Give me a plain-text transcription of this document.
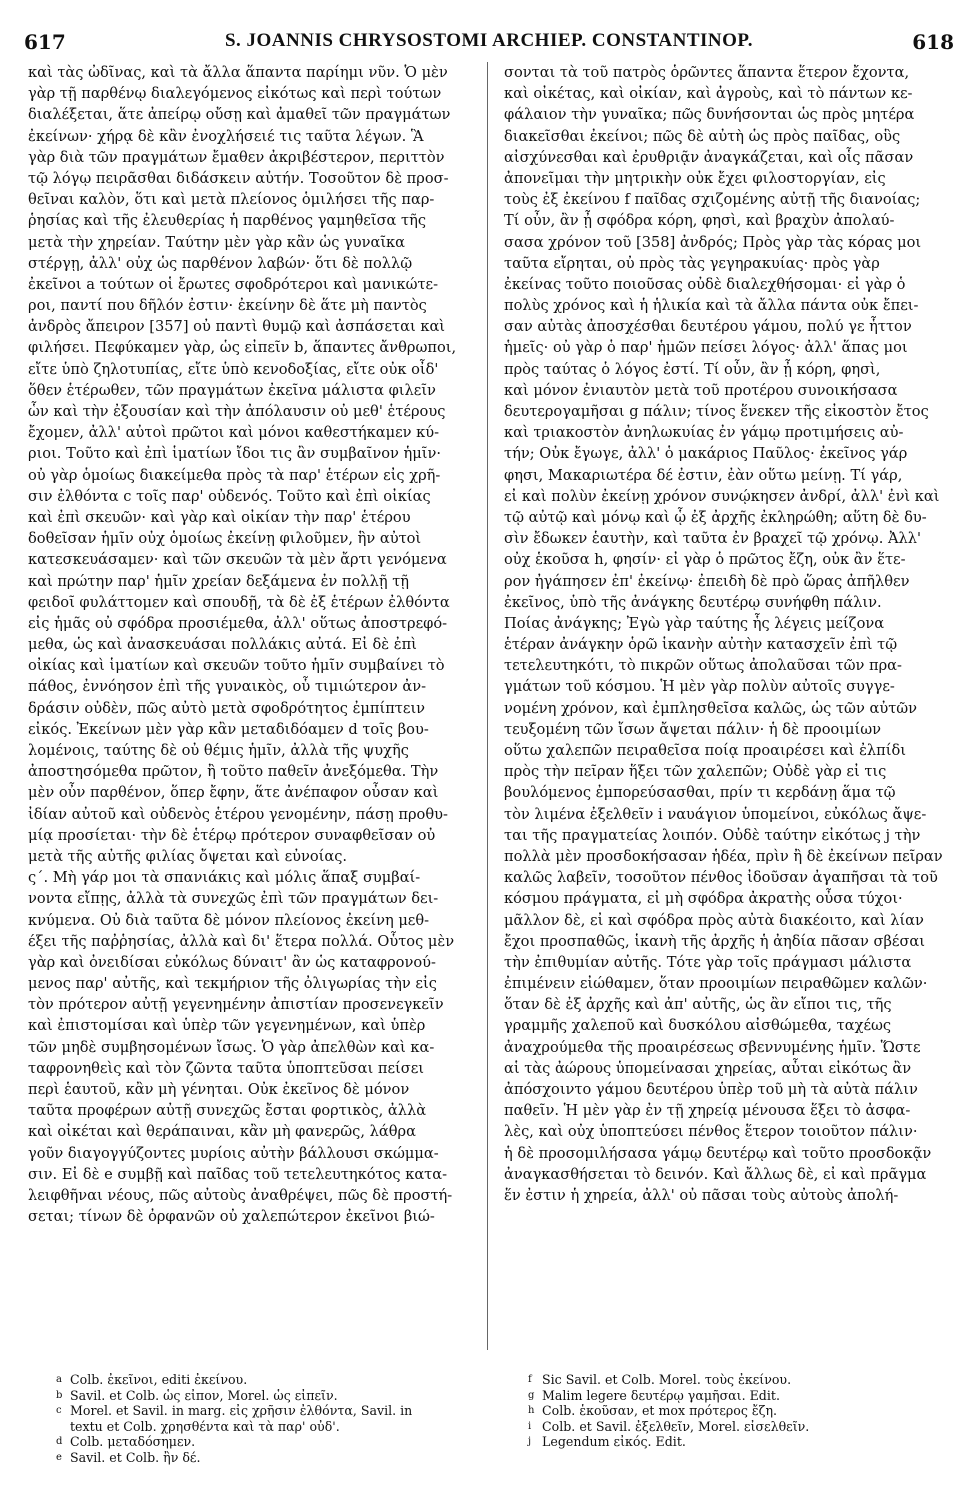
617	S. JOANNIS CHRYSOSTOMI ARCHIEP. CONSTANTINOP.	618
καὶ τὰς ὠδῖνας, καὶ τὰ ἄλλα ἅπαντα παρίημι νῦν. Ὁ μὲν
γὰρ τῇ παρθένῳ διαλεγόμενος εἰκότως καὶ περὶ τούτων
διαλέξεται, ἅτε ἀπείρῳ οὔσῃ καὶ ἀμαθεῖ τῶν πραγμάτων
ἐκείνων· χήρᾳ δὲ κἂν ἐνοχλήσειέ τις ταῦτα λέγων. Ἃ
γὰρ διὰ τῶν πραγμάτων ἔμαθεν ἀκριβέστερον, περιττὸν
τῷ λόγῳ πειρᾶσθαι διδάσκειν αὐτήν. Τοσοῦτον δὲ προσ-
θεῖναι καλὸν, ὅτι καὶ μετὰ πλείονος ὁμιλήσει τῆς παρ-
ῥησίας καὶ τῆς ἐλευθερίας ἡ παρθένος γαμηθεῖσα τῆς
μετὰ τὴν χηρείαν. Ταύτην μὲν γὰρ κἂν ὡς γυναῖκα
στέργῃ, ἀλλ' οὐχ ὡς παρθένον λαβών· ὅτι δὲ πολλῷ
ἐκεῖνοι a τούτων οἱ ἔρωτες σφοδρότεροι καὶ μανικώτε-
ροι, παντί που δῆλόν ἐστιν· ἐκείνην δὲ ἅτε μὴ παντὸς
ἀνδρὸς ἄπειρον [357] οὐ παντὶ θυμῷ καὶ ἀσπάσεται καὶ
φιλήσει. Πεφύκαμεν γὰρ, ὡς εἰπεῖν b, ἅπαντες ἄνθρωποι,
εἴτε ὑπὸ ζηλοτυπίας, εἴτε ὑπὸ κενοδοξίας, εἴτε οὐκ οἶδ'
ὅθεν ἑτέρωθεν, τῶν πραγμάτων ἐκεῖνα μάλιστα φιλεῖν
ὧν καὶ τὴν ἐξουσίαν καὶ τὴν ἀπόλαυσιν οὐ μεθ' ἑτέρους
ἔχομεν, ἀλλ' αὐτοὶ πρῶτοι καὶ μόνοι καθεστήκαμεν κύ-
ριοι. Τοῦτο καὶ ἐπὶ ἱματίων ἴδοι τις ἂν συμβαῖνον ἡμῖν·
οὐ γὰρ ὁμοίως διακείμεθα πρὸς τὰ παρ' ἑτέρων εἰς χρῆ-
σιν ἐλθόντα c τοῖς παρ' οὐδενός. Τοῦτο καὶ ἐπὶ οἰκίας
καὶ ἐπὶ σκευῶν· καὶ γὰρ καὶ οἰκίαν τὴν παρ' ἑτέρου
δοθεῖσαν ἡμῖν οὐχ ὁμοίως ἐκείνῃ φιλοῦμεν, ἣν αὐτοὶ
κατεσκευάσαμεν· καὶ τῶν σκευῶν τὰ μὲν ἄρτι γενόμενα
καὶ πρώτην παρ' ἡμῖν χρείαν δεξάμενα ἐν πολλῇ τῇ
φειδοῖ φυλάττομεν καὶ σπουδῇ, τὰ δὲ ἐξ ἑτέρων ἐλθόντα
εἰς ἡμᾶς οὐ σφόδρα προσιέμεθα, ἀλλ' οὕτως ἀποστρεφό-
μεθα, ὡς καὶ ἀνασκευάσαι πολλάκις αὐτά. Εἰ δὲ ἐπὶ
οἰκίας καὶ ἱματίων καὶ σκευῶν τοῦτο ἡμῖν συμβαίνει τὸ
πάθος, ἐννόησον ἐπὶ τῆς γυναικὸς, οὗ τιμιώτερον ἀν-
δράσιν οὐδὲν, πῶς αὐτὸ μετὰ σφοδρότητος ἐμπίπτειν
εἰκός. Ἐκείνων μὲν γὰρ κἂν μεταδιδόαμεν d τοῖς βου-
λομένοις, ταύτης δὲ οὐ θέμις ἡμῖν, ἀλλὰ τῆς ψυχῆς
ἀποστησόμεθα πρῶτον, ἢ τοῦτο παθεῖν ἀνεξόμεθα. Τὴν
μὲν οὖν παρθένον, ὅπερ ἔφην, ἅτε ἀνέπαφον οὖσαν καὶ
ἰδίαν αὐτοῦ καὶ οὐδενὸς ἑτέρου γενομένην, πάσῃ προθυ-
μίᾳ προσίεται· τὴν δὲ ἑτέρῳ πρότερον συναφθεῖσαν οὐ
μετὰ τῆς αὐτῆς φιλίας ὄψεται καὶ εὐνοίας.
ς΄. Μὴ γάρ μοι τὰ σπανιάκις καὶ μόλις ἅπαξ συμβαί-
νοντα εἴπῃς, ἀλλὰ τὰ συνεχῶς ἐπὶ τῶν πραγμάτων δει-
κνύμενα. Οὐ διὰ ταῦτα δὲ μόνον πλείονος ἐκείνη μεθ-
έξει τῆς παῤῥησίας, ἀλλὰ καὶ δι' ἕτερα πολλά. Οὗτος μὲν
γὰρ καὶ ὀνειδίσαι εὐκόλως δύναιτ' ἂν ὡς καταφρονού-
μενος παρ' αὐτῆς, καὶ τεκμήριον τῆς ὀλιγωρίας τὴν εἰς
τὸν πρότερον αὐτῇ γεγενημένην ἀπιστίαν προσενεγκεῖν
καὶ ἐπιστομίσαι καὶ ὑπὲρ τῶν γεγενημένων, καὶ ὑπὲρ
τῶν μηδὲ συμβησομένων ἴσως. Ὁ γὰρ ἀπελθὼν καὶ κα-
ταφρονηθεὶς καὶ τὸν ζῶντα ταῦτα ὑποπτεῦσαι πείσει
περὶ ἑαυτοῦ, κἂν μὴ γένηται. Οὐκ ἐκεῖνος δὲ μόνον
ταῦτα προφέρων αὐτῇ συνεχῶς ἔσται φορτικὸς, ἀλλὰ
καὶ οἰκέται καὶ θεράπαιναι, κἂν μὴ φανερῶς, λάθρα
γοῦν διαγογγύζοντες μυρίοις αὐτὴν βάλλουσι σκώμμα-
σιν. Εἰ δὲ e συμβῇ καὶ παῖδας τοῦ τετελευτηκότος κατα-
λειφθῆναι νέους, πῶς αὐτοὺς ἀναθρέψει, πῶς δὲ προστή-
σεται; τίνων δὲ ὀρφανῶν οὐ χαλεπώτερον ἐκεῖνοι βιώ-
σονται τὰ τοῦ πατρὸς ὁρῶντες ἅπαντα ἕτερον ἔχοντα,
καὶ οἰκέτας, καὶ οἰκίαν, καὶ ἀγροὺς, καὶ τὸ πάντων κε-
φάλαιον τὴν γυναῖκα; πῶς δυνήσονται ὡς πρὸς μητέρα
διακεῖσθαι ἐκείνοι; πῶς δὲ αὐτὴ ὡς πρὸς παῖδας, οὓς
αἰσχύνεσθαι καὶ ἐρυθριᾷν ἀναγκάζεται, καὶ οἷς πᾶσαν
ἀπονεῖμαι τὴν μητρικὴν οὐκ ἔχει φιλοστοργίαν, εἰς
τοὺς ἐξ ἐκείνου f παῖδας σχιζομένης αὐτῇ τῆς διανοίας;
Τί οὖν, ἂν ᾖ σφόδρα κόρη, φησὶ, καὶ βραχὺν ἀπολαύ-
σασα χρόνον τοῦ [358] ἀνδρός; Πρὸς γὰρ τὰς κόρας μοι
ταῦτα εἴρηται, οὐ πρὸς τὰς γεγηρακυίας· πρὸς γὰρ
ἐκείνας τοῦτο ποιοῦσας οὐδὲ διαλεχθήσομαι· εἰ γὰρ ὁ
πολὺς χρόνος καὶ ἡ ἡλικία καὶ τὰ ἄλλα πάντα οὐκ ἔπει-
σαν αὐτὰς ἀποσχέσθαι δευτέρου γάμου, πολύ γε ἧττον
ἡμεῖς· οὐ γὰρ ὁ παρ' ἡμῶν πείσει λόγος· ἀλλ' ἅπας μοι
πρὸς ταύτας ὁ λόγος ἐστί. Τί οὖν, ἂν ᾖ κόρη, φησὶ,
καὶ μόνον ἐνιαυτὸν μετὰ τοῦ προτέρου συνοικήσασα
δευτερογαμῆσαι g πάλιν; τίνος ἕνεκεν τῆς εἰκοστὸν ἔτος
καὶ τριακοστὸν ἀνηλωκυίας ἐν γάμῳ προτιμήσεις αὐ-
τήν; Οὐκ ἔγωγε, ἀλλ' ὁ μακάριος Παῦλος· ἐκεῖνος γάρ
φησι, Μακαριωτέρα δέ ἐστιν, ἐὰν οὕτω μείνῃ. Τί γάρ,
εἰ καὶ πολὺν ἐκείνῃ χρόνον συνῴκησεν ἀνδρί, ἀλλ' ἐνὶ καὶ
τῷ αὐτῷ καὶ μόνῳ καὶ ᾧ ἐξ ἀρχῆς ἐκληρώθη; αὕτη δὲ δυ-
σὶν ἔδωκεν ἑαυτὴν, καὶ ταῦτα ἐν βραχεῖ τῷ χρόνῳ. Ἀλλ'
οὐχ ἑκοῦσα h, φησίν· εἰ γὰρ ὁ πρῶτος ἔζη, οὐκ ἂν ἕτε-
ρον ἠγάπησεν ἐπ' ἐκείνῳ· ἐπειδὴ δὲ πρὸ ὥρας ἀπῆλθεν
ἐκεῖνος, ὑπὸ τῆς ἀνάγκης δευτέρῳ συνήφθη πάλιν.
Ποίας ἀνάγκης; Ἐγὼ γὰρ ταύτης ἧς λέγεις μείζονα
ἑτέραν ἀνάγκην ὁρῶ ἱκανὴν αὐτὴν κατασχεῖν ἐπὶ τῷ
τετελευτηκότι, τὸ πικρῶν οὕτως ἀπολαῦσαι τῶν πρα-
γμάτων τοῦ κόσμου. Ἡ μὲν γὰρ πολὺν αὐτοῖς συγγε-
νομένη χρόνον, καὶ ἐμπλησθεῖσα καλῶς, ὡς τῶν αὐτῶν
τευξομένη τῶν ἴσων ἄψεται πάλιν· ἡ δὲ προοιμίων
οὕτω χαλεπῶν πειραθεῖσα ποίᾳ προαιρέσει καὶ ἐλπίδι
πρὸς τὴν πεῖραν ἥξει τῶν χαλεπῶν; Οὐδὲ γὰρ εἰ τις
βουλόμενος ἐμπορεύσασθαι, πρίν τι κερδάνῃ ἅμα τῷ
τὸν λιμένα ἐξελθεῖν i ναυάγιον ὑπομείνοι, εὐκόλως ἄψε-
ται τῆς πραγματείας λοιπόν. Οὐδὲ ταύτην εἰκότως j τὴν
πολλὰ μὲν προσδοκήσασαν ἡδέα, πρὶν ἢ δὲ ἐκείνων πεῖραν
καλῶς λαβεῖν, τοσοῦτον πένθος ἰδοῦσαν ἀγαπῆσαι τὰ τοῦ
κόσμου πράγματα, εἰ μὴ σφόδρα ἀκρατὴς οὖσα τύχοι·
μᾶλλον δὲ, εἰ καὶ σφόδρα πρὸς αὐτὰ διακέοιτο, καὶ λίαν
ἔχοι προσπαθῶς, ἱκανὴ τῆς ἀρχῆς ἡ ἀηδία πᾶσαν σβέσαι
τὴν ἐπιθυμίαν αὐτῆς. Τότε γὰρ τοῖς πράγμασι μάλιστα
ἐπιμένειν εἰώθαμεν, ὅταν προοιμίων πειραθῶμεν καλῶν·
ὅταν δὲ ἐξ ἀρχῆς καὶ ἀπ' αὐτῆς, ὡς ἂν εἴποι τις, τῆς
γραμμῆς χαλεποῦ καὶ δυσκόλου αἰσθώμεθα, ταχέως
ἀναχρούμεθα τῆς προαιρέσεως σβεννυμένης ἡμῖν. Ὥστε
αἱ τὰς ἀώρους ὑπομείνασαι χηρείας, αὗται εἰκότως ἂν
ἀπόσχοιντο γάμου δευτέρου ὑπὲρ τοῦ μὴ τὰ αὐτὰ πάλιν
παθεῖν. Ἡ μὲν γὰρ ἐν τῇ χηρείᾳ μένουσα ἕξει τὸ ἀσφα-
λὲς, καὶ οὐχ ὑποπτεύσει πένθος ἕτερον τοιοῦτον πάλιν·
ἡ δὲ προσομιλήσασα γάμῳ δευτέρῳ καὶ τοῦτο προσδοκᾷν
ἀναγκασθήσεται τὸ δεινόν. Καὶ ἄλλως δὲ, εἰ καὶ πρᾶγμα
ἕν ἐστιν ἡ χηρεία, ἀλλ' οὐ πᾶσαι τοὺς αὐτοὺς ἀπολή-
a Colb. ἐκεῖνοι, editi ἐκείνου.
b Savil. et Colb. ὡς εἰπον, Morel. ὡς εἰπεῖν.
c Morel. et Savil. in marg. εἰς χρῆσιν ἐλθόντα, Savil. in
textu et Colb. χρησθέντα καὶ τὰ παρ' οὐδ'.
d Colb. μεταδόσημεν.
e Savil. et Colb. ἢν δέ.
f Sic Savil. et Colb. Morel. τοὺς ἐκείνου.
g Malim legere δευτέρῳ γαμῆσαι. Edit.
h Colb. ἑκοῦσαν, et mox πρότερος ἔζη.
i Colb. et Savil. ἐξελθεῖν, Morel. εἰσελθεῖν.
j Legendum εἰκός. Edit.
